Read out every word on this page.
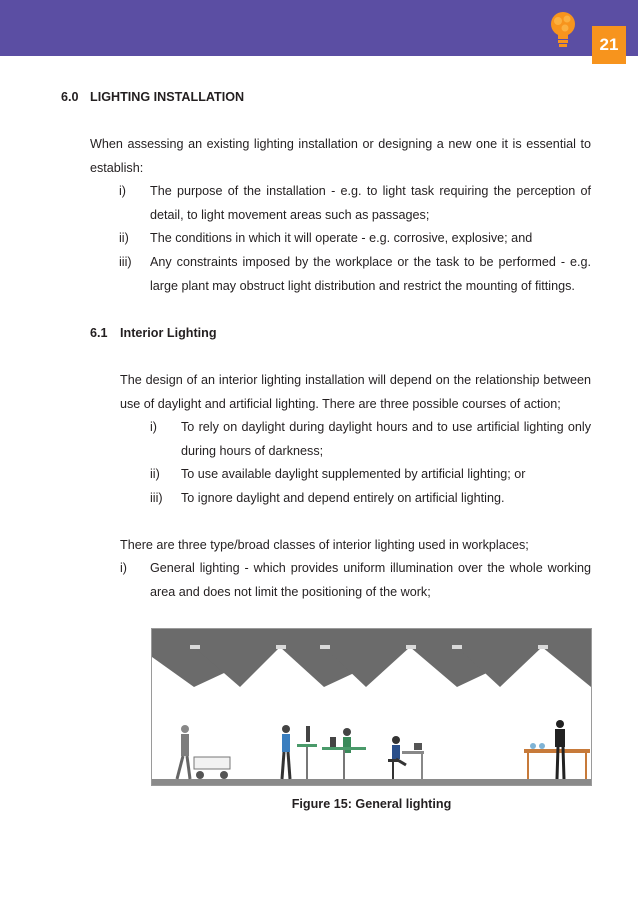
21
6.0 LIGHTING INSTALLATION
When assessing an existing lighting installation or designing a new one it is essential to
establish:
i) The purpose of the installation - e.g. to light task requiring the perception of
detail, to light movement areas such as passages;
ii) The conditions in which it will operate - e.g. corrosive, explosive; and
iii) Any constraints imposed by the workplace or the task to be performed - e.g.
large plant may obstruct light distribution and restrict the mounting of fittings.
6.1 Interior Lighting
The design of an interior lighting installation will depend on the relationship between
use of daylight and artificial lighting. There are three possible courses of action;
i) To rely on daylight during daylight hours and to use artificial lighting only
during hours of darkness;
ii) To use available daylight supplemented by artificial lighting; or
iii) To ignore daylight and depend entirely on artificial lighting.
There are three type/broad classes of interior lighting used in workplaces;
i) General lighting - which provides uniform illumination over the whole working
area and does not limit the positioning of the work;
Figure 15: General lighting
